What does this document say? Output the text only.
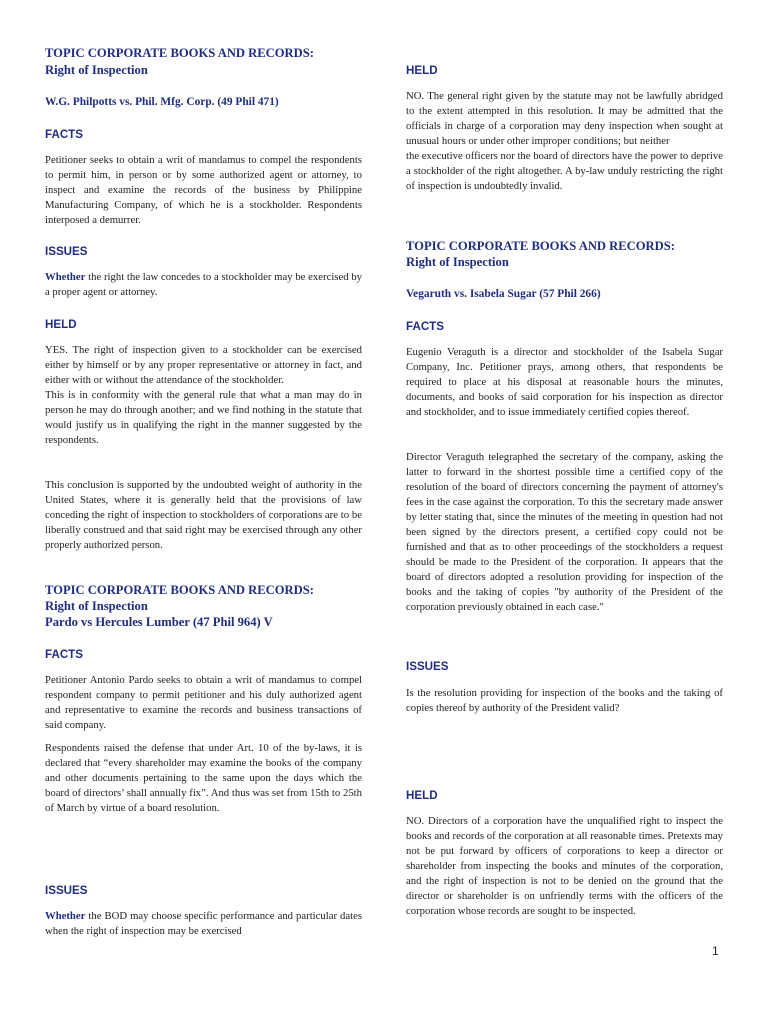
TOPIC CORPORATE BOOKS AND RECORDS:
Right of Inspection
W.G. Philpotts vs. Phil. Mfg. Corp. (49 Phil 471)
FACTS

Petitioner seeks to obtain a writ of mandamus to compel the respondents to permit him, in person or by some authorized agent or attorney, to inspect and examine the records of the business by Philippine Manufacturing Company, of which he is a stockholder. Respondents interposed a demurrer.

ISSUES

Whether the right the law concedes to a stockholder may be exercised by a proper agent or attorney.

HELD

YES. The right of inspection given to a stockholder can be exercised either by himself or by any proper representative or attorney in fact, and either with or without the attendance of the stockholder.
This is in conformity with the general rule that what a man may do in person he may do through another; and we find nothing in the statute that would justify us in qualifying the right in the manner suggested by the respondents.

This conclusion is supported by the undoubted weight of authority in the United States, where it is generally held that the provisions of law conceding the right of inspection to stockholders of corporations are to be liberally construed and that said right may be exercised through any other properly authorized person.

TOPIC CORPORATE BOOKS AND RECORDS:
Right of Inspection
Pardo vs Hercules Lumber (47 Phil 964) V
FACTS

Petitioner Antonio Pardo seeks to obtain a writ of mandamus to compel respondent company to permit petitioner and his duly authorized agent and representative to examine the records and business transactions of said company.

Respondents raised the defense that under Art. 10 of the by-laws, it is declared that “every shareholder may examine the books of the company and other documents pertaining to the same upon the days which the board of directors’ shall annually fix”. And thus was set from 15th to 25th of March by virtue of a board resolution.

ISSUES

Whether the BOD may choose specific performance and particular dates when the right of inspection may be exercised

HELD

NO. The general right given by the statute may not be lawfully abridged to the extent attempted in this resolution. It may be admitted that the officials in charge of a corporation may deny inspection when sought at unusual hours or under other improper conditions; but neither
the executive officers nor the board of directors have the power to deprive a stockholder of the right altogether. A by-law unduly restricting the right of inspection is undoubtedly invalid.

TOPIC CORPORATE BOOKS AND RECORDS:
Right of Inspection
Vegaruth vs. Isabela Sugar (57 Phil 266)
FACTS

Eugenio Veraguth is a director and stockholder of the Isabela Sugar Company, Inc. Petitioner prays, among others, that respondents be required to place at his disposal at reasonable hours the minutes, documents, and books of said corporation for his inspection as director and stockholder, and to issue immediately certified copies thereof.

Director Veraguth telegraphed the secretary of the company, asking the latter to forward in the shortest possible time a certified copy of the resolution of the board of directors concerning the payment of attorney's fees in the case against the corporation. To this the secretary made answer by letter stating that, since the minutes of the meeting in question had not been signed by the directors present, a certified copy could not be furnished and that as to other proceedings of the stockholders a request should be made to the President of the corporation. It appears that the board of directors adopted a resolution providing for inspection of the books and the taking of copies "by authority of the President of the corporation previously obtained in each case."

ISSUES

Is the resolution providing for inspection of the books and the taking of copies thereof by authority of the President valid?

HELD

NO. Directors of a corporation have the unqualified right to inspect the books and records of the corporation at all reasonable times. Pretexts may not be put forward by officers of corporations to keep a director or shareholder from inspecting the books and minutes of the corporation, and the right of inspection is not to be denied on the ground that the director or shareholder is on unfriendly terms with the officers of the corporation whose records are sought to be inspected.

1
